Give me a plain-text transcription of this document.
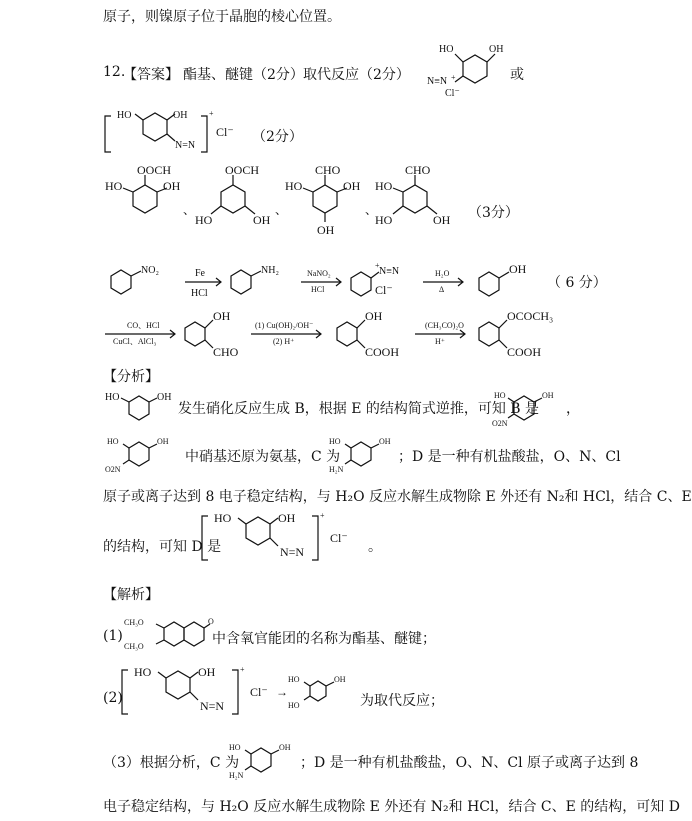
原子，则镍原子位于晶胞的棱心位置。
12.
【答案】 酯基、醚键（2分） 取代反应（2分）	或
HO	OH
N≡N +
Cl⁻
HO	OH
N=N
+
Cl⁻ （2分）
OOCH
HO	OH
、
OOCH
HO	OH
、
CHO
HO	OH
OH
、
CHO
HO
HO	OH （3分）
NO₂	Fe
HCl
NH₂	NaNO₂
HCl
+
N≡N
Cl⁻
H₂O
Δ
OH
（ 6 分）
CO、HCl
CuCl、AlCl₃
OH
CHO
(1) Cu(OH)₂/OH⁻
(2) H⁺
OH
COOH
(CH₃CO)₂O
H⁺
OCOCH₃
COOH
【分析】
HO	OH
发生硝化反应生成 B，根据 E 的结构简式逆推，可知 B 是
HO	OH
O2N
，
HO	OH
O2N
中硝基还原为氨基，C 为
HO	OH
H₂N
；D 是一种有机盐酸盐，O、N、Cl
原子或离子达到 8 电子稳定结构，与 H₂O 反应水解生成物除 E 外还有 N₂和 HCl，结合 C、E
的结构，可知 D 是
HO	OH
N=N
+
Cl⁻
。
【解析】
(1)
CH₃O
CH₃O
O
中含氧官能团的名称为酯基、醚键；
(2)
HO	OH
N=N
+
Cl⁻ →
HO	OH
HO	为取代反应；
（3）根据分析，C 为
HO	OH
H₂N
；D 是一种有机盐酸盐，O、N、Cl 原子或离子达到 8
电子稳定结构，与 H₂O 反应水解生成物除 E 外还有 N₂和 HCl，结合 C、E 的结构，可知 D
